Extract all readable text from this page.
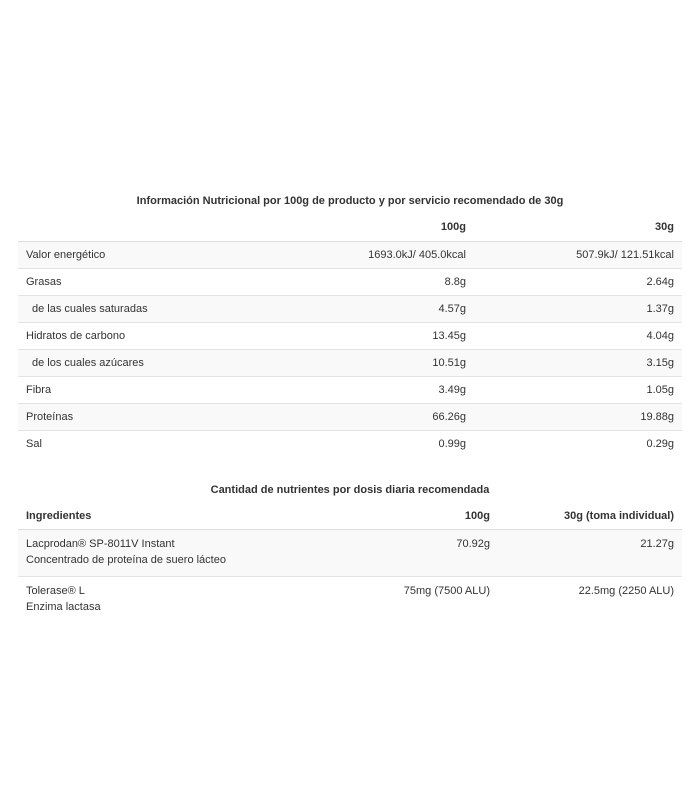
Información Nutricional por 100g de producto y por servicio recomendado de 30g
	100g	30g
Valor energético	1693.0kJ/ 405.0kcal	507.9kJ/ 121.51kcal
Grasas	8.8g	2.64g
de las cuales saturadas	4.57g	1.37g
Hidratos de carbono	13.45g	4.04g
de los cuales azúcares	10.51g	3.15g
Fibra	3.49g	1.05g
Proteínas	66.26g	19.88g
Sal	0.99g	0.29g
Cantidad de nutrientes por dosis diaria recomendada
Ingredientes	100g	30g (toma individual)

Lacprodan® SP-8011V Instant
Concentrado de proteína de suero lácteo	70.92g	21.27g

Tolerase® L
Enzima lactasa	75mg (7500 ALU)	22.5mg (2250 ALU)
